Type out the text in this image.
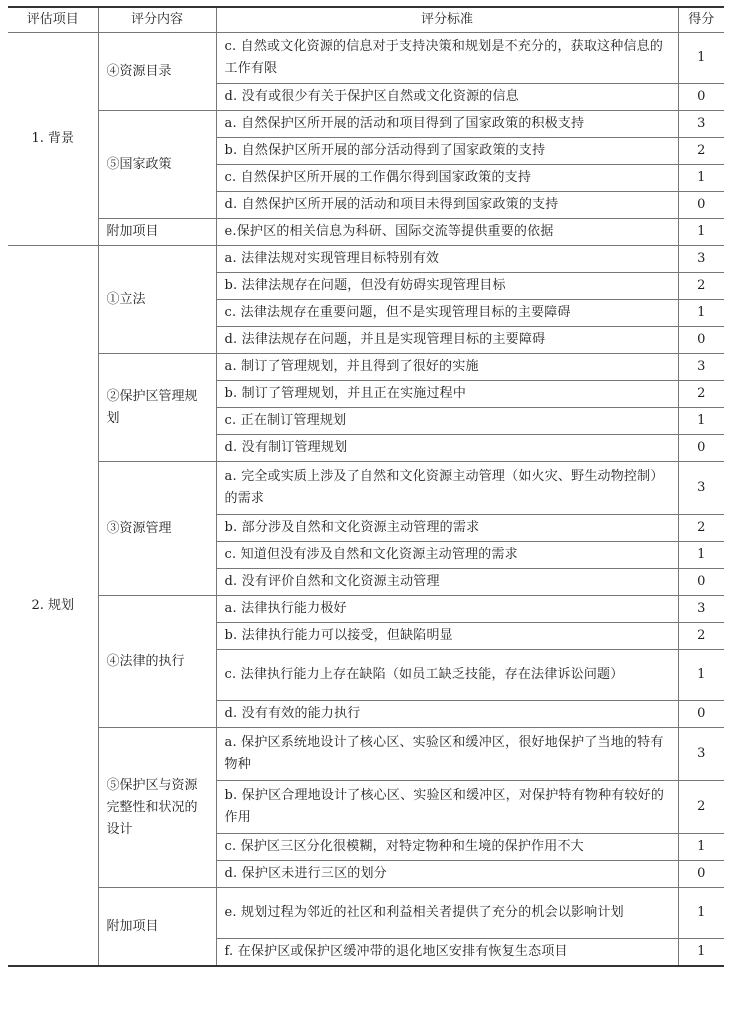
评估项目	评分内容	评分标准	得分
1. 背景	④资源目录	c. 自然或文化资源的信息对于支持决策和规划是不充分的，获取这种信息的工作有限	1
		d. 没有或很少有关于保护区自然或文化资源的信息	0
	⑤国家政策	a. 自然保护区所开展的活动和项目得到了国家政策的积极支持	3
		b. 自然保护区所开展的部分活动得到了国家政策的支持	2
		c. 自然保护区所开展的工作偶尔得到国家政策的支持	1
		d. 自然保护区所开展的活动和项目未得到国家政策的支持	0
	附加项目	e.保护区的相关信息为科研、国际交流等提供重要的依据	1
2. 规划	①立法	a. 法律法规对实现管理目标特别有效	3
		b. 法律法规存在问题，但没有妨碍实现管理目标	2
		c. 法律法规存在重要问题，但不是实现管理目标的主要障碍	1
		d. 法律法规存在问题，并且是实现管理目标的主要障碍	0
	②保护区管理规划	a. 制订了管理规划，并且得到了很好的实施	3
		b. 制订了管理规划，并且正在实施过程中	2
		c. 正在制订管理规划	1
		d. 没有制订管理规划	0
	③资源管理	a. 完全或实质上涉及了自然和文化资源主动管理（如火灾、野生动物控制）的需求	3
		b. 部分涉及自然和文化资源主动管理的需求	2
		c. 知道但没有涉及自然和文化资源主动管理的需求	1
		d. 没有评价自然和文化资源主动管理	0
	④法律的执行	a. 法律执行能力极好	3
		b. 法律执行能力可以接受，但缺陷明显	2
		c. 法律执行能力上存在缺陷（如员工缺乏技能，存在法律诉讼问题）	1
		d. 没有有效的能力执行	0
	⑤保护区与资源完整性和状况的设计	a. 保护区系统地设计了核心区、实验区和缓冲区，很好地保护了当地的特有物种	3
		b. 保护区合理地设计了核心区、实验区和缓冲区，对保护特有物种有较好的作用	2
		c. 保护区三区分化很模糊，对特定物种和生境的保护作用不大	1
		d. 保护区未进行三区的划分	0
	附加项目	e. 规划过程为邻近的社区和利益相关者提供了充分的机会以影响计划	1
		f. 在保护区或保护区缓冲带的退化地区安排有恢复生态项目	1
